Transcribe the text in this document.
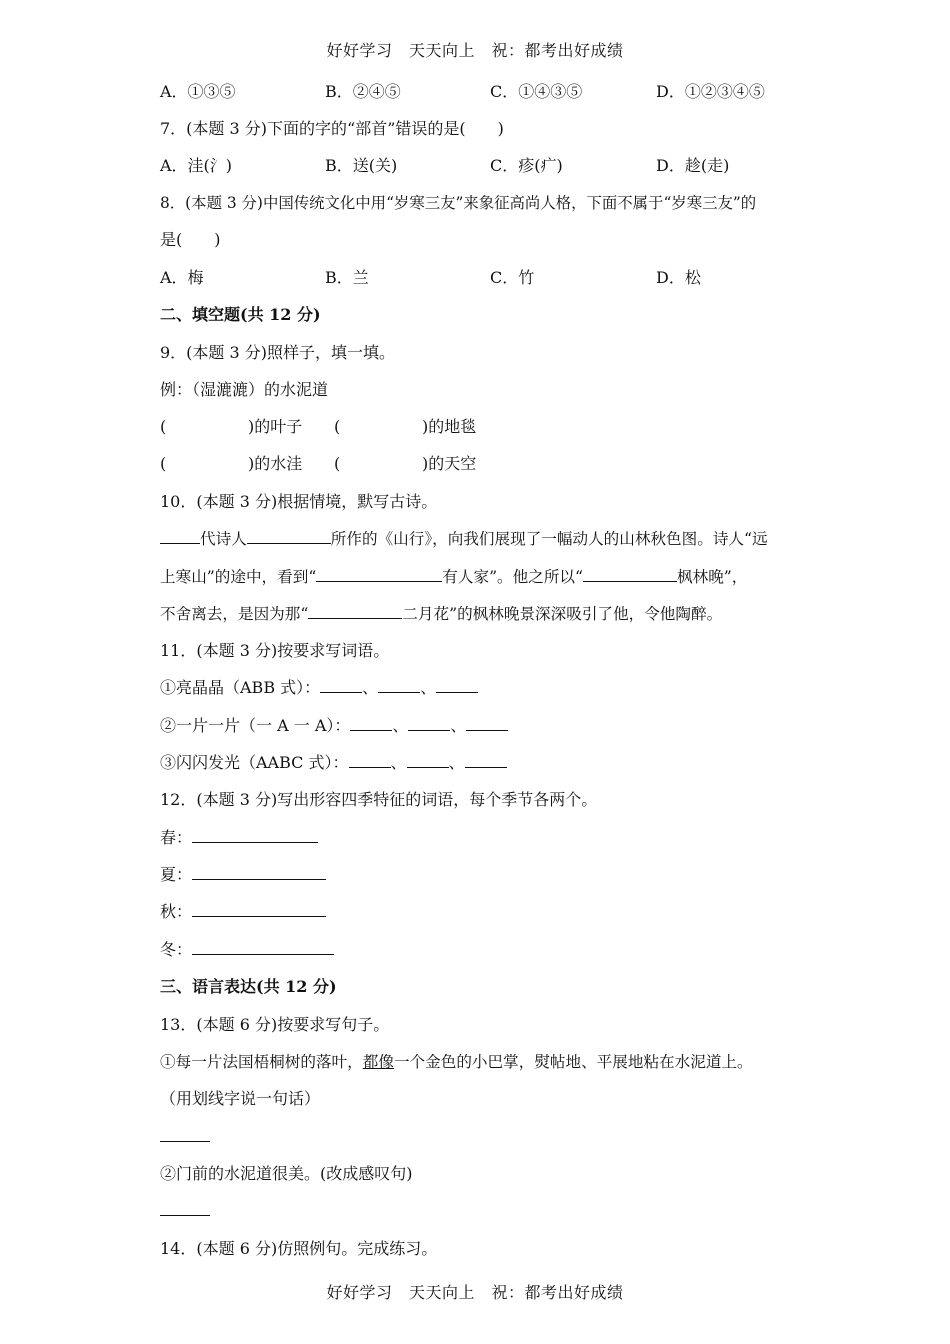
好好学习　天天向上　祝：都考出好成绩
A．①③⑤	B．②④⑤	C．①④③⑤	D．①②③④⑤
7．(本题 3 分)下面的字的“部首”错误的是(　　)
A．洼(氵)	B．送(关)	C．疹(疒)	D．趁(走)
8．(本题 3 分)中国传统文化中用“岁寒三友”来象征高尚人格，下面不属于“岁寒三友”的
是(　　)
A．梅	B．兰	C．竹	D．松
二、填空题(共 12 分)
9．(本题 3 分)照样子，填一填。
例：（湿漉漉）的水泥道
(	)的叶子 (	)的地毯
(	)的水洼 (	)的天空
10．(本题 3 分)根据情境，默写古诗。
代诗人	所作的《山行》，向我们展现了一幅动人的山林秋色图。诗人“远
上寒山”的途中，看到“	有人家”。他之所以“	枫林晚”，
不舍离去，是因为那“	二月花”的枫林晚景深深吸引了他，令他陶醉。
11．(本题 3 分)按要求写词语。
①亮晶晶（ABB 式）：	、	、
②一片一片（一 A 一 A）：	、	、
③闪闪发光（AABC 式）：	、	、
12．(本题 3 分)写出形容四季特征的词语，每个季节各两个。
春：
夏：
秋：
冬：
三、语言表达(共 12 分)
13．(本题 6 分)按要求写句子。
①每一片法国梧桐树的落叶，都像一个金色的小巴掌，熨帖地、平展地粘在水泥道上。
（用划线字说一句话）
②门前的水泥道很美。(改成感叹句)
14．(本题 6 分)仿照例句。完成练习。
好好学习　天天向上　祝：都考出好成绩
